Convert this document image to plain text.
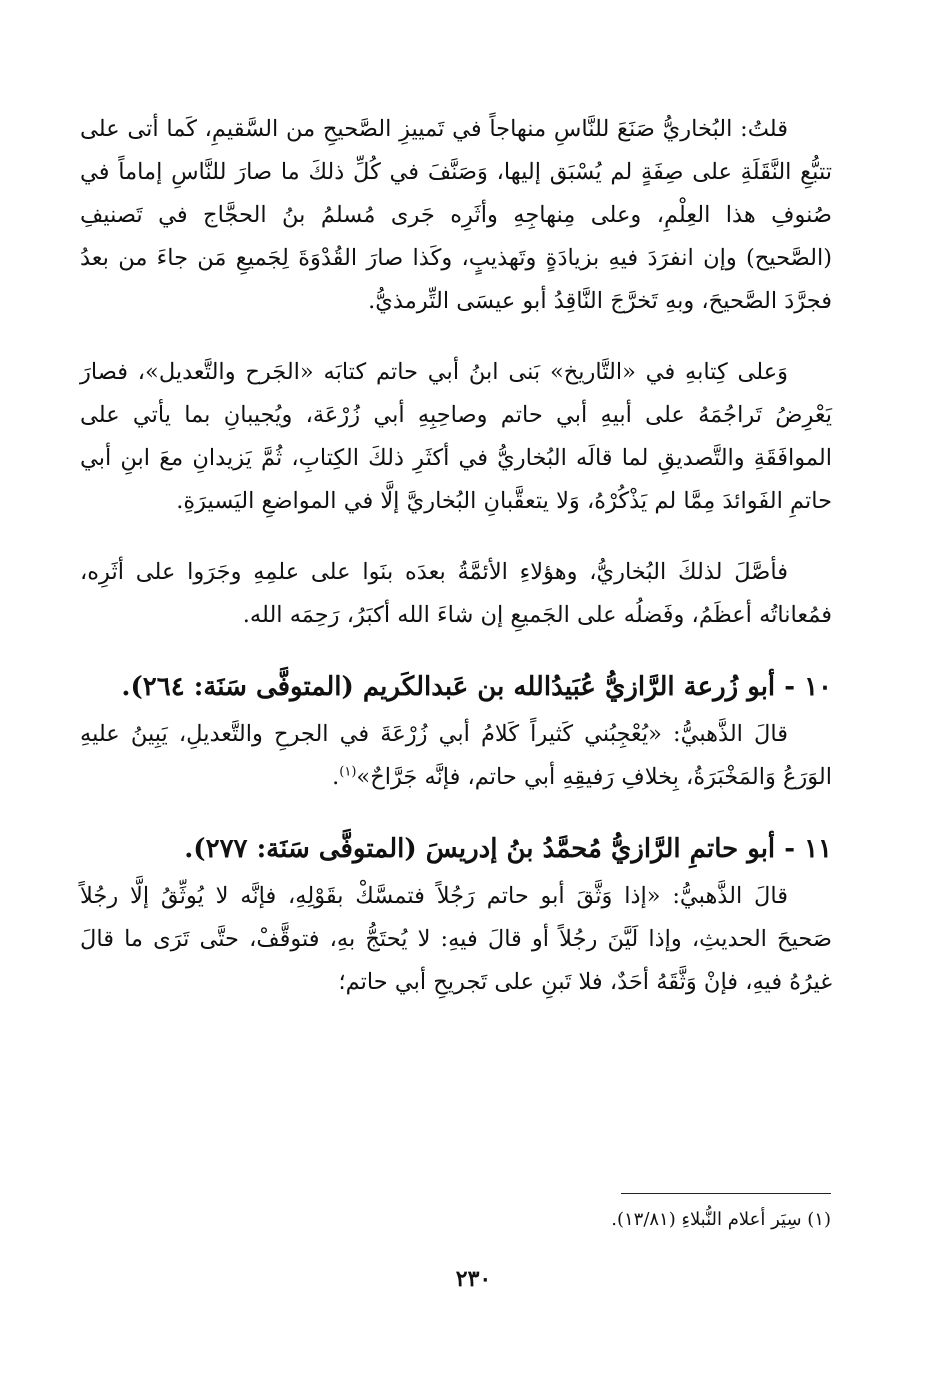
قلتُ: البُخاريُّ صَنَعَ للنَّاسِ منهاجاً في تَمييزِ الصَّحيحِ من السَّقيمِ، كَما أتى على تتبُّعِ النَّقَلَةِ على صِفَةٍ لم يُسْبَق إليها، وَصَنَّفَ في كُلِّ ذلكَ ما صارَ للنَّاسِ إماماً في صُنوفِ هذا العِلْمِ، وعلى مِنهاجِهِ وأثَرِه جَرى مُسلمُ بنُ الحجَّاج في تَصنيفِ (الصَّحيح) وإن انفرَدَ فيهِ بزيادَةٍ وتَهذيبٍ، وكَذا صارَ القُدْوَةَ لِجَميعِ مَن جاءَ من بعدُ فجرَّدَ الصَّحيحَ، وبهِ تَخرَّجَ النَّاقِدُ أبو عيسَى التِّرمذيُّ.

وَعلى كِتابهِ في «التَّاريخ» بَنى ابنُ أبي حاتم كتابَه «الجَرح والتَّعديل»، فصارَ يَعْرِضُ تَراجُمَهُ على أبيهِ أبي حاتم وصاحِبِهِ أبي زُرْعَة، ويُجيبانِ بما يأتي على الموافَقَةِ والتَّصديقِ لما قالَه البُخاريُّ في أكثَرِ ذلكَ الكِتابِ، ثُمَّ يَزيدانِ معَ ابنِ أبي حاتمِ الفَوائدَ مِمَّا لم يَذْكُرْهُ، وَلا يتعقَّبانِ البُخاريَّ إلَّا في المواضعِ اليَسيرَةِ.

فأصَّلَ لذلكَ البُخاريُّ، وهؤلاءِ الأئمَّةُ بعدَه بنَوا على علمِهِ وجَرَوا على أثَرِه، فمُعاناتُه أعظَمُ، وفَضلُه على الجَميعِ إن شاءَ الله أكبَرُ، رَحِمَه الله.

١٠ - أبو زُرعة الرَّازيُّ عُبَيدُالله بن عَبدالكَريم (المتوفَّى سَنَة: ٢٦٤).

قالَ الذَّهبيُّ: «يُعْجِبُني كَثيراً كَلامُ أبي زُرْعَةَ في الجرحِ والتَّعديلِ، يَبِينُ عليهِ الوَرَعُ وَالمَخْبَرَةُ، بِخلافِ رَفيقِهِ أبي حاتم، فإنَّه جَرَّاحٌ»$^{(١)}$.

١١ - أبو حاتمِ الرَّازيُّ مُحمَّدُ بنُ إدريسَ (المتوفَّى سَنَة: ٢٧٧).

قالَ الذَّهبيُّ: «إذا وَثَّقَ أبو حاتم رَجُلاً فتمسَّكْ بقَوْلِهِ، فإنَّه لا يُوثِّقُ إلَّا رجُلاً صَحيحَ الحديثِ، وإذا لَيَّنَ رجُلاً أو قالَ فيهِ: لا يُحتَجُّ بهِ، فتوقَّفْ، حتَّى تَرَى ما قالَ غيرُهُ فيهِ، فإنْ وَثَّقَهُ أحَدٌ، فلا تَبنِ على تَجريحِ أبي حاتم؛

(١) سِيَر أعلام النُّبلاءِ (١٣/٨١).
٢٣٠
